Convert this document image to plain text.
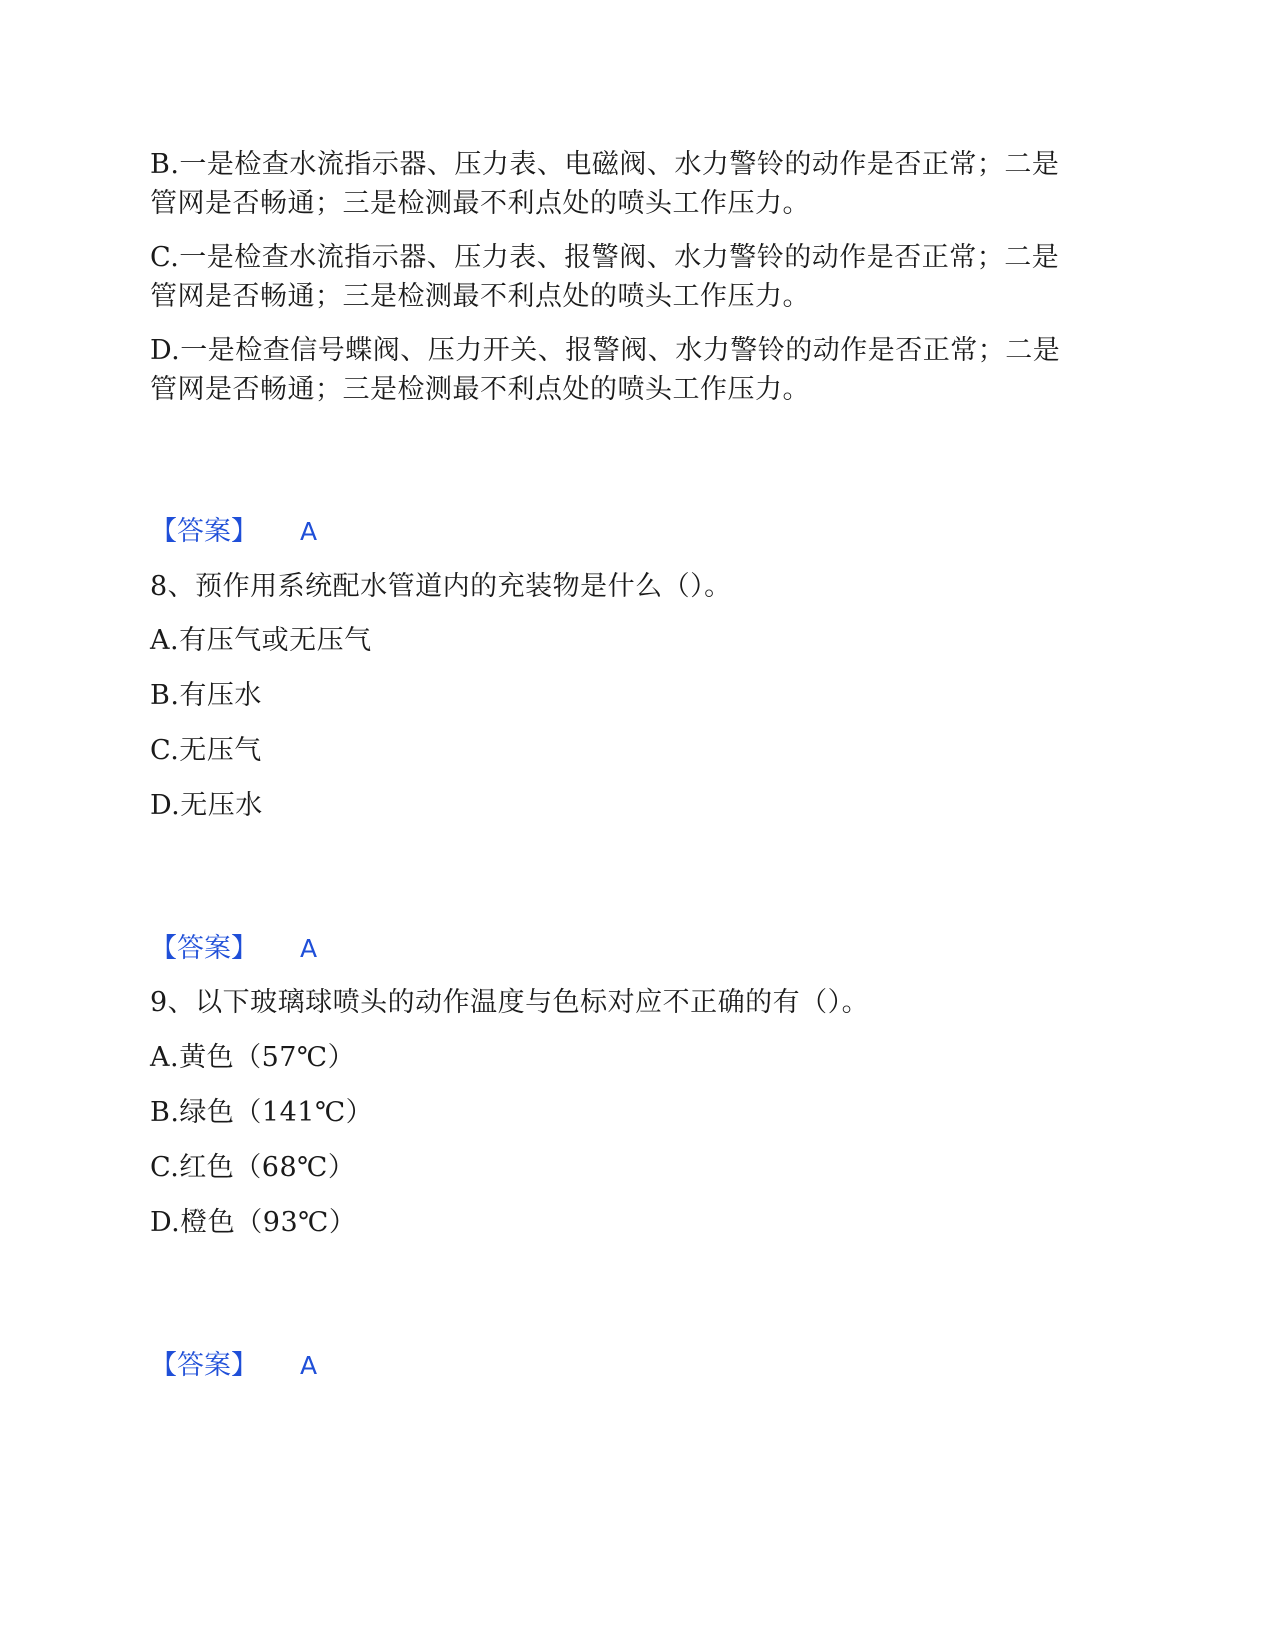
B.一是检查水流指示器、压力表、电磁阀、水力警铃的动作是否正常；二是
管网是否畅通；三是检测最不利点处的喷头工作压力。
C.一是检查水流指示器、压力表、报警阀、水力警铃的动作是否正常；二是
管网是否畅通；三是检测最不利点处的喷头工作压力。
D.一是检查信号蝶阀、压力开关、报警阀、水力警铃的动作是否正常；二是
管网是否畅通；三是检测最不利点处的喷头工作压力。
【答案】 A
8、预作用系统配水管道内的充装物是什么（）。
A.有压气或无压气
B.有压水
C.无压气
D.无压水
【答案】 A
9、以下玻璃球喷头的动作温度与色标对应不正确的有（）。
A.黄色（57℃）
B.绿色（141℃）
C.红色（68℃）
D.橙色（93℃）
【答案】 A
